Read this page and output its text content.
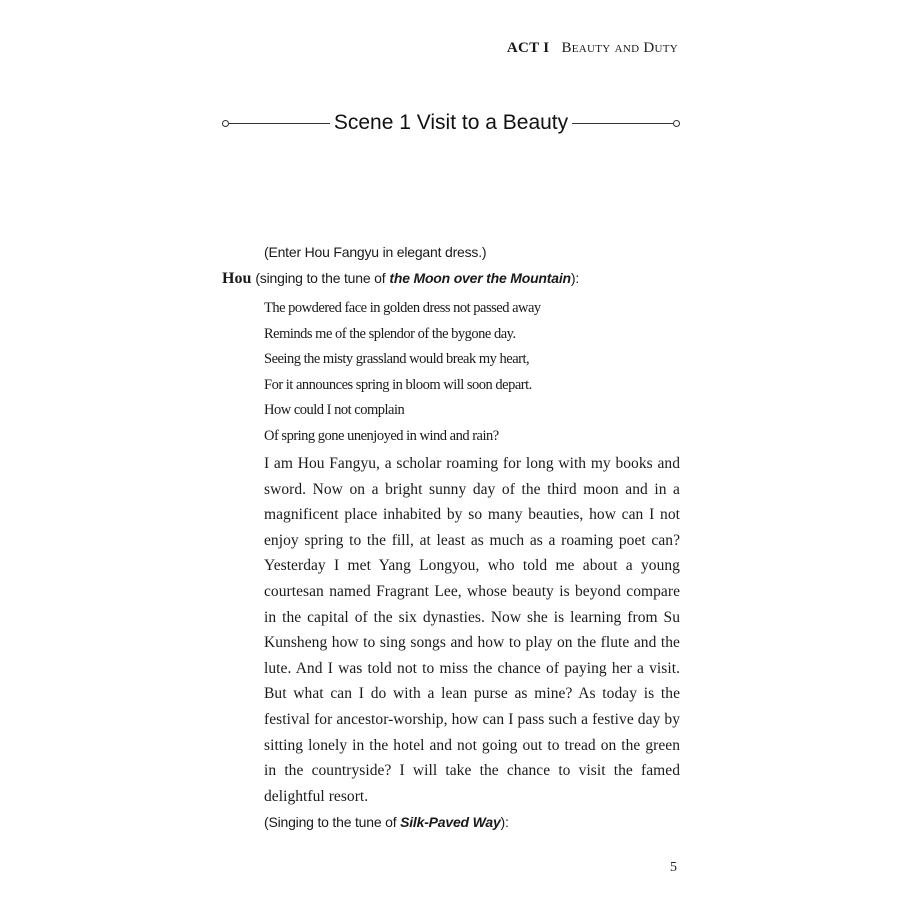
ACT I Beauty and Duty
Scene 1 Visit to a Beauty
(Enter Hou Fangyu in elegant dress.)
Hou (singing to the tune of the Moon over the Mountain):
The powdered face in golden dress not passed away
Reminds me of the splendor of the bygone day.
Seeing the misty grassland would break my heart,
For it announces spring in bloom will soon depart.
How could I not complain
Of spring gone unenjoyed in wind and rain?
I am Hou Fangyu, a scholar roaming for long with my books and sword. Now on a bright sunny day of the third moon and in a magnificent place inhabited by so many beauties, how can I not enjoy spring to the fill, at least as much as a roaming poet can? Yesterday I met Yang Longyou, who told me about a young courtesan named Fragrant Lee, whose beauty is beyond compare in the capital of the six dynasties. Now she is learning from Su Kunsheng how to sing songs and how to play on the flute and the lute. And I was told not to miss the chance of paying her a visit. But what can I do with a lean purse as mine? As today is the festival for ancestor-worship, how can I pass such a festive day by sitting lonely in the hotel and not going out to tread on the green in the countryside? I will take the chance to visit the famed delightful resort.
(Singing to the tune of Silk-Paved Way):
5
